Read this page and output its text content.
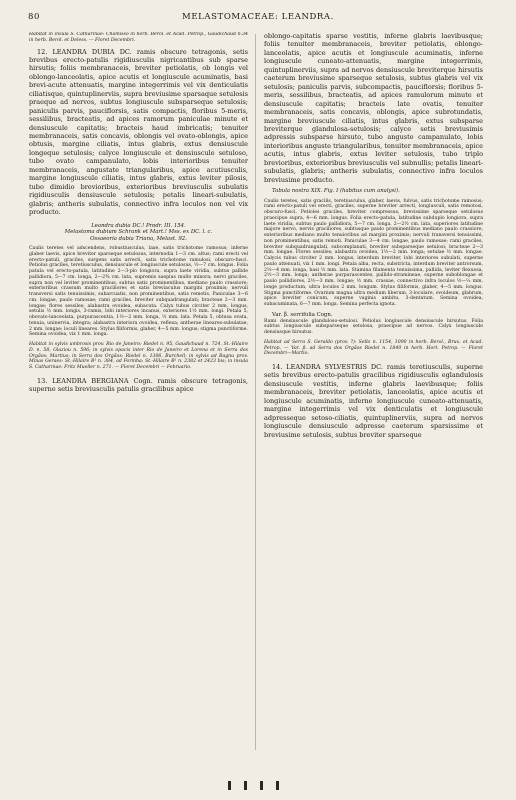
80	MELASTOMACEAE: LEANDRA.

Habitat in insula S. Catharinae: Chamisso in herb. Berol. et Acad. Petrop., Gaudichaud n.34 in herb. Berol. et Deless. — Floret Decembri.

12. LEANDRA DUBIA DC. ramis obscure tetragonis, setis brevibus erecto-patulis rigidiusculis nigricantibus sub sparse hirsutis; foliis membranaceis, breviter petiolatis, ob longis vel oblongo-lanceolatis, apice acutis et longiuscule acuminatis, basi brevi-acute attenuatis, margine integerrimis vel vix denticulatis ciliatisque, quintuplinerviis, supra breviusime sparsaque setulosis praeque ad nervos, subtus longiuscule subsparseque setulosis; paniculis parvis, pauciflorsis, satis compactis, floribus 5-meris, sessilibus, bracteatis, ad apices ramorum paniculae minute et densiuscule capitatis; bracteis haud imbricatis; tenuiter membranaceis, satis concavis, oblongis vel ovato-oblongis, apice obtusis, margine ciliatis, intus glabris, extus densiuscule longeque setulosis; calyce longiuscule et densiuscule setuloso, tubo ovato campanulato, lobis interioribus tenuiter membranaceis, angustate triangularibus, apice acutiusculis, margine longiuscule ciliatis, intus glabris, extus leviter pilosis, tubo dimidio brevioribus, exterioribus breviusculis subulatis rigidiusculis densiuscule setulosis; petalis lineari-subulatis, glabris; antheris subulatis, connectivo infra loculos non vel vix producto.

Leandra dubia DC.! Prodr. III. 154.

Melastoma dubium Schrank et Mart.! Mss. ex DC. l. c.

Ossaeoria dubia Triana, Melast. 92.

Caulis teretes vel adscendens, robustiusculus, laxe, satis trichotome ramosus; inferne glaber laevis, apice breviter sparseque setulosus, internodia 1—3 cm. altus; rami erecti vel erecto-patuli, graciles, surgens satis arrecti, satis trichotome ramulosi, obscuro-fusci. Petiolus graciles, teretiusculus, densiuscule et longiuscule setulosus, ½—7 cm. longus. Folia patula vel erecto-patula, latitudine 2—3-plo longiora, supra laete viridia, subtus pallide pallidiora, 5—7 cm. longa, 2—2¾ cm. lata, supremis saepius multo minora; nervi graciles, supra non vel leviter prominentibus, subtus satis prominentibus, mediano paulo crassiore; exterioribus crassum multo graciliores et satis breviaculus margini proximis; nervuli transversi satis tenuissimis, subarcuatis, non prominentibus, satis remotis. Paniculae 3—6 cm. longae, paulo ramosae; rami graciles, breviter subquadrangulati; bracteae 2—3 mm. longae; flores sessiles; alabastra ovoidea, subacuta. Calyx tubus circiter 2 mm. longus, setulis ½ mm. longis, 3-ramis, lobi interiores incanus, exteriores 1½ mm. longi. Petala 5, obovato-lanceolata, purpurascentia, 1½—2 mm. longa, ½ mm. lata. Petala 5, obtusa ovata, tenuia, uninervia, integra; alabastra interiora ovoidea, reflexa; antherae lineares-subulatae, 2 mm. longae; loculi lineares. Stylus filiformis, glaber, 4—5 mm. longus; stigma punctiforme. Semina ovoidea, vix 1 mm. longa.

Habitat in sylvis umbrosis prov. Rio de Janeiro: Riedel n. 95, Gaudichaud n. 724, St.-Hilaire D. n. 58, Glaziou n. 596; in sylvis opacis inter Rio de Janeiro et Lorena et in Serra dos Orgãos: Martius; in Serra dos Orgãos: Riedel n. 1306, Burchell; in sylvis ad Bagnu prov. Minas Geraes: St.-Hilaire B¹ n. 384, ad Forinha: St.-Hilaire B¹ n. 2382 et 2423 bis; in insula S. Catharinae: Fritz Mueller n. 271. — Floret Decembri — Februario.

13. LEANDRA BERGIANA Cogn. ramis obscure tetragonis, superne setis breviusculis patulis gracilibus apice

oblongo-capitatis sparse vestitis, inferne glabris laevibusque; foliis tenuiter membranaceis, breviter petiolatis, oblongo-lanceolatis, apice acutis et longiuscule acuminatis, inferne longiuscule cuneato-attenuatis, margine integerrimis, quintuplinerviis, supra ad nervos densiuscule breviterque hirsutis caeterum breviusime sparseque setulosis, subtus glabris vel vix setulosis; paniculis parvis, subcompactis, pauciflorsis; floribus 5-meris, sessilibus, bracteatis, ad apices ramulorum minute et densiuscule capitatis; bracteis late ovatis, tenuiter membranaceis, satis concavis, oblongis, apice subrotundatis, margine breviuscule ciliatis, intus glabris, extus subsparse breviterque glandulosa-setulosis; calyce setis breviusimis adpressis subsparse hirsuto, tubo anguste campanulato, lobis interioribus anguste triangularibus, tenuiter membranaceis, apice acutis, intus glabris, extus leviter setulosis, tubo triplo brevioribus, exterioribus breviusculis vel subnullis; petalis lineari-subulatis, glabris; antheris subulatis, connectivo infra loculos breviusime producto.

Tabula nostra XIX. Fig. I (habitus cum analysi).

Caulis teretes, satis gracilis, teretiusculus, glaber, laevis, fulvus, satis trichotome ramosus; rami erecto-patuli vel erecti, graciles, superne breviter arrecti, longiusculi, satis remotosi, obscuro-fusci. Petioles graciles, breviter compressus, brevissime sparseque setulosus praecipue supra, 4—6 mm. longus. Folia erecto-patula, latitudine subduplo longiora, supra laete viridia, subtus paulo pallidiora, 5—7 cm. longa, 2—2½ cm. lata, superiores latitudine majore nervo, nervis graciliores, subtusque paulo prominentibus mediano paulo crassiore, exterioribus mediano multo tenuioribus ad margini proximis; nervuli transversi tenuissimi, non prominentibus, satis remoti. Paniculae 3—4 cm. longae, paulo ramosae; rami graciles, breviter subquadrangulati, subcomplanati, breviter subsparseque setulosi; bracteae 2—3 mm. longae. Flores sessiles; alabastra ovoidea, 1½—2 mm. longa; setulae ½ mm. longae. Calycis tubus circiter 2 mm. longus, interdum breviter, lobi interiores subulati, superne paulo attenuati, vix 1 mm. longi. Petala alba, recta, substricta, interdum breviter antrorsum, 2½—4 mm. longa, basi ½ mm. lata. Stamina filamenta tenuissima, pallida, leviter flexuosa, 2½—3 mm. longa; antherae purpurascentes, pallido-stramineae, superne suboblongae et paulo pallidiores, 2½—3 mm. longae; ½ mm. crassae, connectivo infra loculos ½—⅓ mm. longe productum, ultra loculos 2 mm. longum. Stylus filiformis, glaber, 4—5 mm. longus. Stigma punctiforme. Ovarium magna ultra medium liberum, 3-loculare, ovoideum, glabrum, apice breviter conicum, superne vaginis ambitu, 3-dentatum. Semina ovoidea, subacuminata, 6—7 mm. longa. Semina perfecta ignota.

Var. β. serrifolia Cogn.

Rami densiuscule glanduloso-setulosi. Petiolus longiuscule densiuscule hirsutus. Folia subtus longiuscule subsparseque setulosa, praecipue ad nervos. Calyx longiuscule densiusque hirsutus.

Habitat ad Serra S. Geraldo (prov. ?): Sello n. 1154, 1090 in herb. Berol., Brux. et Acad. Petrop. — Var. β. ad Serra dos Orgãos Riedel n. 1840 in herb. Hort. Petrop. — Floret Decembri—Martio.

14. LEANDRA SYLVESTRIS DC. ramis teretiusculis, superne setis brevibus erecto-patulis gracilibus rigidiusculis eglandulosis densiuscule vestitis, inferne glabris laevibusque; foliis membranaceis, breviter petiolatis, lanceolatis, apice acutis et longiuscule acuminatis, inferne longiuscule cuneato-attenuatis, margine integerrimis vel vix denticulatis et longiuscule adpresseque setoso-ciliatis, quintuplinerviis, supra ad nervos longiuscule densiuscule adpresse caeterum sparsissime et breviusime setulosis, subtus breviter sparseque
